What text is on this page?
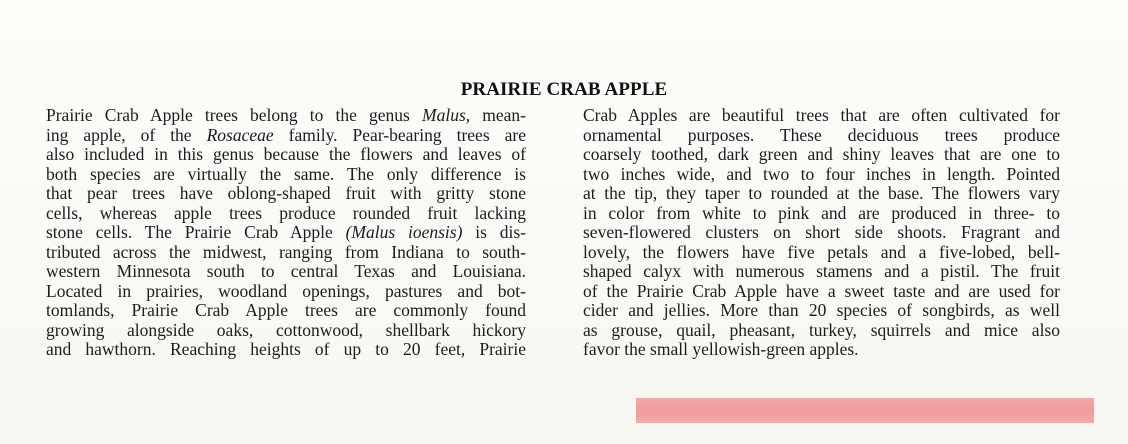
PRAIRIE CRAB APPLE
Prairie Crab Apple trees belong to the genus Malus, mean-
ing apple, of the Rosaceae family. Pear-bearing trees are
also included in this genus because the flowers and leaves of
both species are virtually the same. The only difference is
that pear trees have oblong-shaped fruit with gritty stone
cells, whereas apple trees produce rounded fruit lacking
stone cells. The Prairie Crab Apple (Malus ioensis) is dis-
tributed across the midwest, ranging from Indiana to south-
western Minnesota south to central Texas and Louisiana.
Located in prairies, woodland openings, pastures and bot-
tomlands, Prairie Crab Apple trees are commonly found
growing alongside oaks, cottonwood, shellbark hickory
and hawthorn. Reaching heights of up to 20 feet, Prairie
Crab Apples are beautiful trees that are often cultivated for
ornamental purposes. These deciduous trees produce
coarsely toothed, dark green and shiny leaves that are one to
two inches wide, and two to four inches in length. Pointed
at the tip, they taper to rounded at the base. The flowers vary
in color from white to pink and are produced in three- to
seven-flowered clusters on short side shoots. Fragrant and
lovely, the flowers have five petals and a five-lobed, bell-
shaped calyx with numerous stamens and a pistil. The fruit
of the Prairie Crab Apple have a sweet taste and are used for
cider and jellies. More than 20 species of songbirds, as well
as grouse, quail, pheasant, turkey, squirrels and mice also
favor the small yellowish-green apples.
